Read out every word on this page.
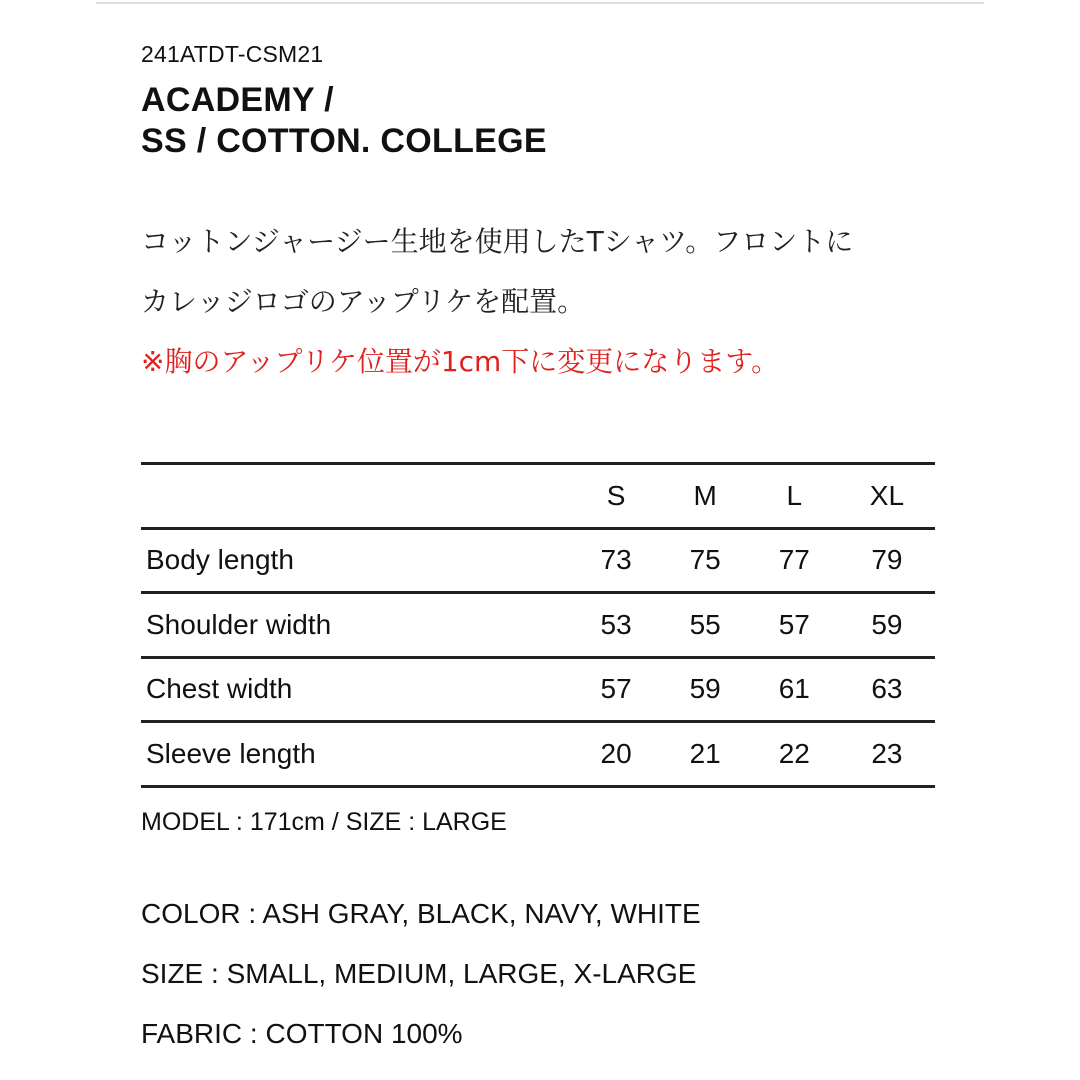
241ATDT-CSM21
ACADEMY /
SS / COTTON. COLLEGE
コットンジャージー生地を使用したTシャツ。フロントに
カレッジロゴのアップリケを配置。
※胸のアップリケ位置が1cm下に変更になります。
	S	M	L	XL
Body length	73	75	77	79
Shoulder width	53	55	57	59
Chest width	57	59	61	63
Sleeve length	20	21	22	23
MODEL : 171cm / SIZE : LARGE
COLOR : ASH GRAY, BLACK, NAVY, WHITE
SIZE : SMALL, MEDIUM, LARGE, X-LARGE
FABRIC : COTTON 100%
